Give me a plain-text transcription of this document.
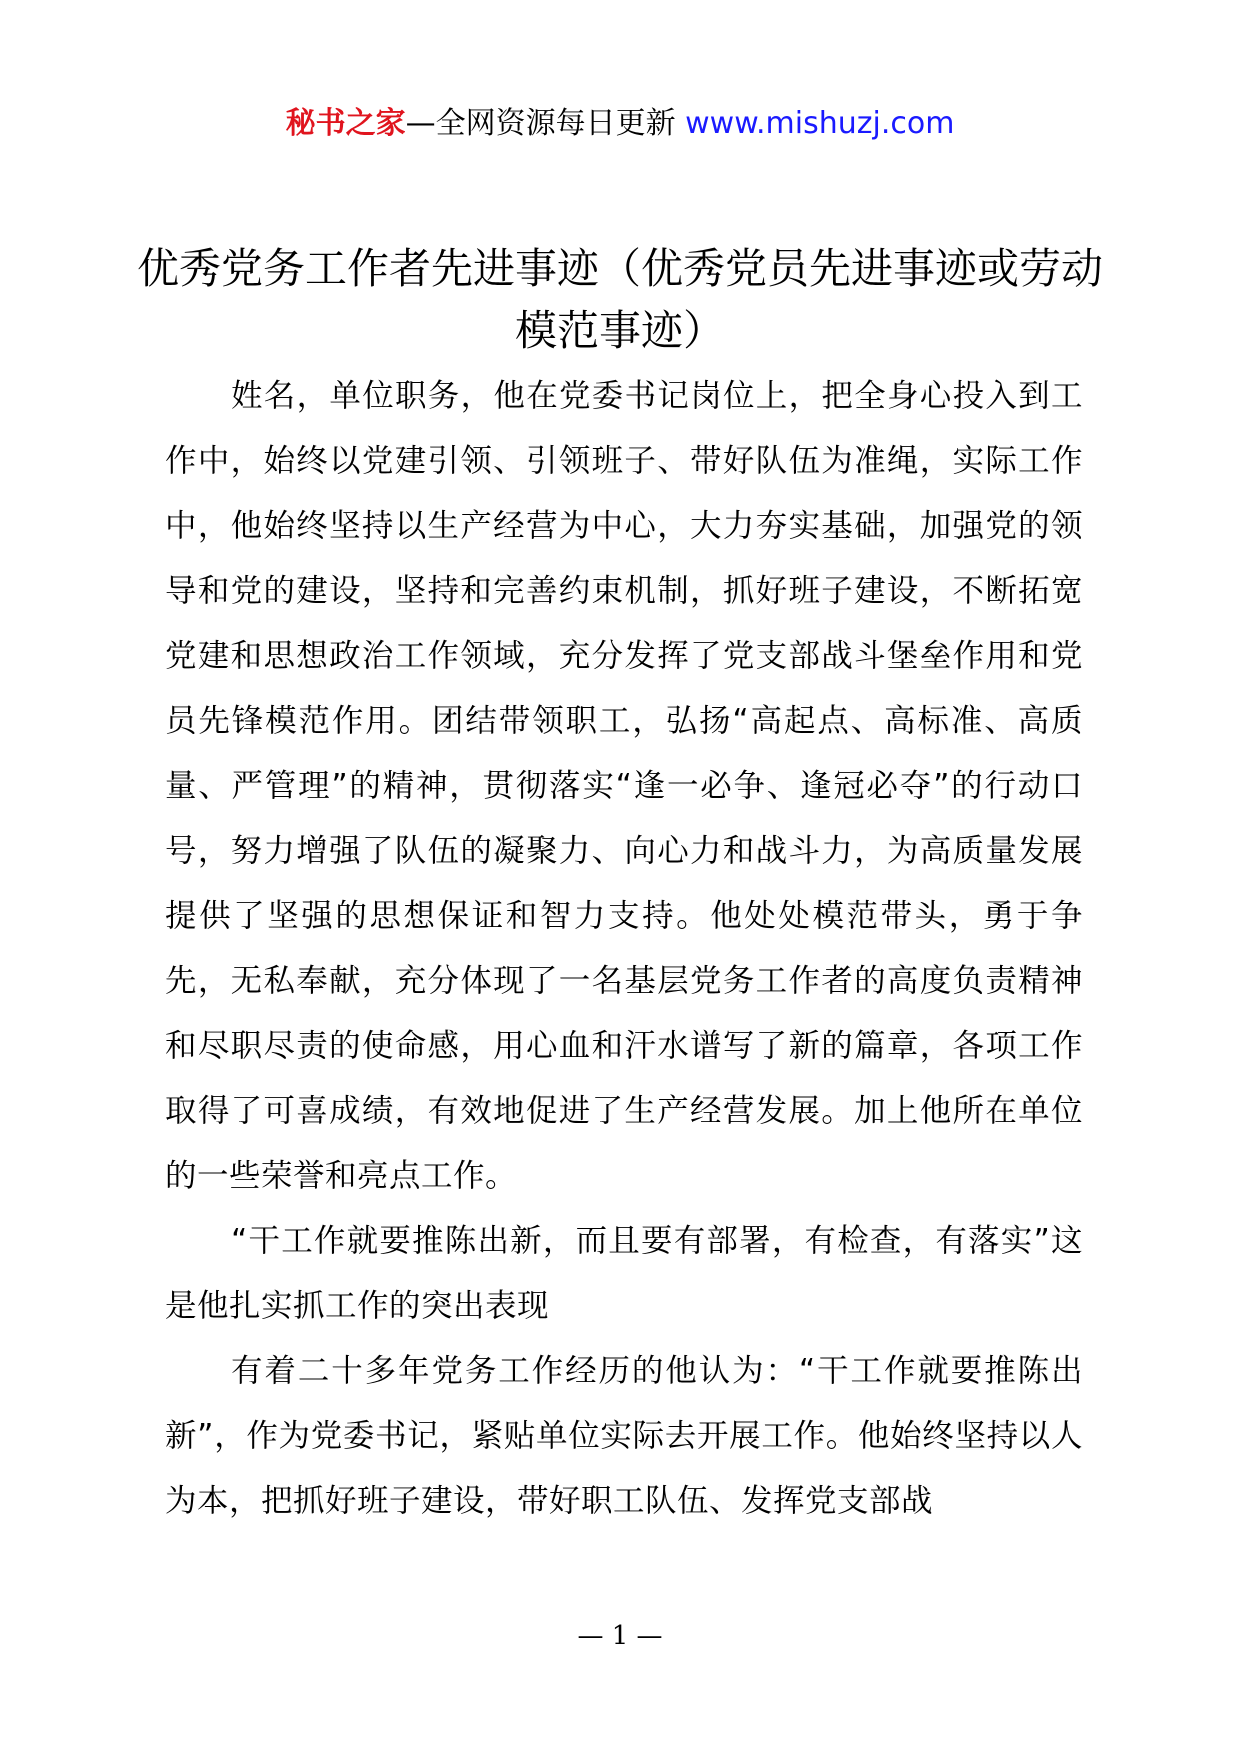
秘书之家—全网资源每日更新 www.mishuzj.com
优秀党务工作者先进事迹（优秀党员先进事迹或劳动模范事迹）

姓名，单位职务，他在党委书记岗位上，把全身心投入到工作中，始终以党建引领、引领班子、带好队伍为准绳，实际工作中，他始终坚持以生产经营为中心，大力夯实基础，加强党的领导和党的建设，坚持和完善约束机制，抓好班子建设，不断拓宽党建和思想政治工作领域，充分发挥了党支部战斗堡垒作用和党员先锋模范作用。团结带领职工，弘扬“高起点、高标准、高质量、严管理”的精神，贯彻落实“逢一必争、逢冠必夺”的行动口号，努力增强了队伍的凝聚力、向心力和战斗力，为高质量发展提供了坚强的思想保证和智力支持。他处处模范带头，勇于争先，无私奉献，充分体现了一名基层党务工作者的高度负责精神和尽职尽责的使命感，用心血和汗水谱写了新的篇章，各项工作取得了可喜成绩，有效地促进了生产经营发展。加上他所在单位的一些荣誉和亮点工作。

“干工作就要推陈出新，而且要有部署，有检查，有落实”这是他扎实抓工作的突出表现

有着二十多年党务工作经历的他认为：“干工作就要推陈出新”，作为党委书记，紧贴单位实际去开展工作。他始终坚持以人为本，把抓好班子建设，带好职工队伍、发挥党支部战

— 1 —
